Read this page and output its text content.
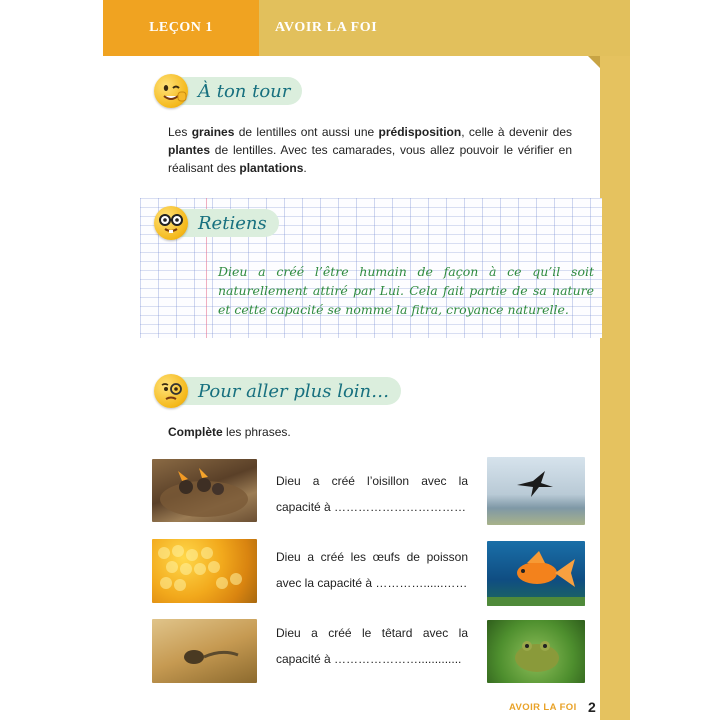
LEÇON 1	AVOIR LA FOI
À ton tour
Les graines de lentilles ont aussi une prédisposition, celle à devenir des plantes de lentilles. Avec tes camarades, vous allez pouvoir le vérifier en réalisant des plantations.
Retiens
Dieu a créé l’être humain de façon à ce qu’il soit naturellement attiré par Lui. Cela fait partie de sa nature et cette capacité se nomme la fitra, croyance naturelle.
Pour aller plus loin…
Complète les phrases.
Dieu a créé l’oisillon avec la capacité à ……………………………
Dieu a créé les œufs de poisson avec la capacité à …………......……
Dieu a créé le têtard avec la capacité à ………………….............
AVOIR LA FOI 2
